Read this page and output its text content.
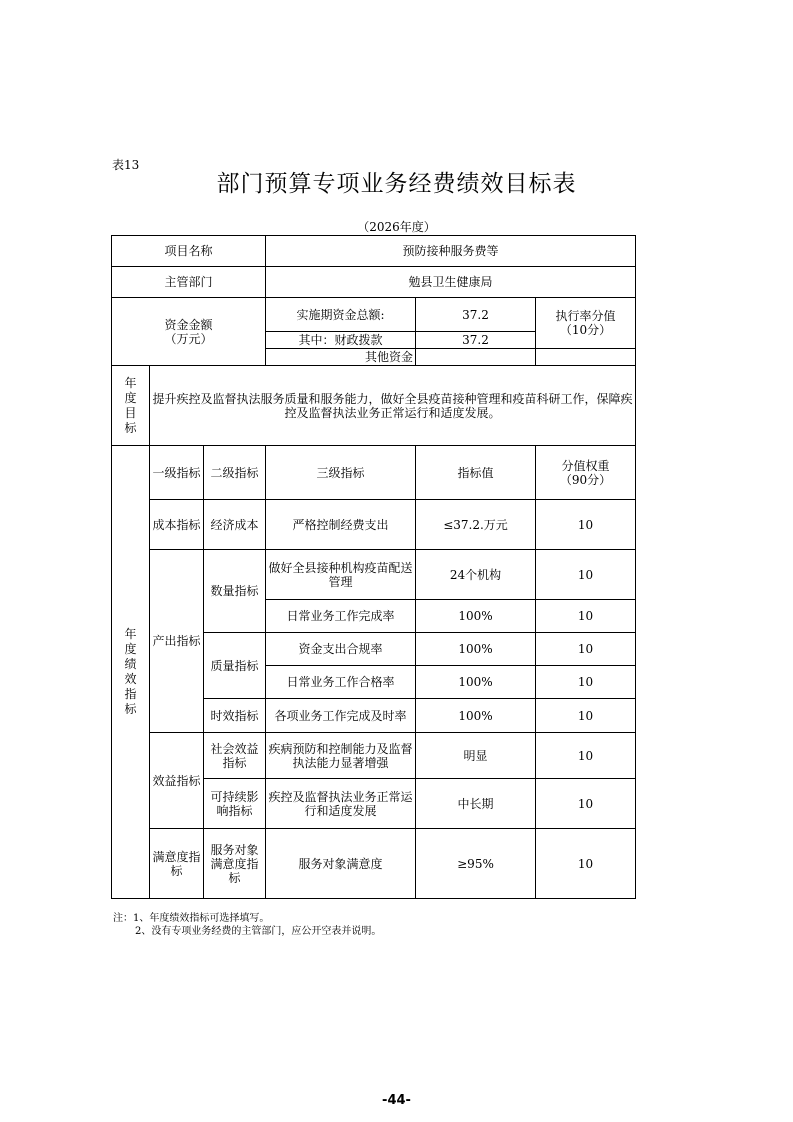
表13
部门预算专项业务经费绩效目标表
（2026年度）
项目名称			预防接种服务费等		
主管部门			勉县卫生健康局		
资金金额
（万元）			实施期资金总额:	37.2	执行率分值
（10分）
			其中：财政拨款	37.2	
			其他资金		
年度目标	提升疾控及监督执法服务质量和服务能力，做好全县疫苗接种管理和疫苗科研工作，保障疾控及监督执法业务正常运行和适度发展。				
年度绩效指标	一级指标	二级指标	三级指标	指标值	分值权重
（90分）
	成本指标	经济成本	严格控制经费支出	≤37.2.万元	10
	产出指标	数量指标	做好全县接种机构疫苗配送管理	24个机构	10
			日常业务工作完成率	100%	10
		质量指标	资金支出合规率	100%	10
			日常业务工作合格率	100%	10
		时效指标	各项业务工作完成及时率	100%	10
	效益指标	社会效益指标	疾病预防和控制能力及监督执法能力显著增强	明显	10
		可持续影响指标	疾控及监督执法业务正常运行和适度发展	中长期	10
	满意度指标	服务对象满意度指标	服务对象满意度	≥95%	10
注：1、年度绩效指标可选择填写。
2、没有专项业务经费的主管部门，应公开空表并说明。
-44-
